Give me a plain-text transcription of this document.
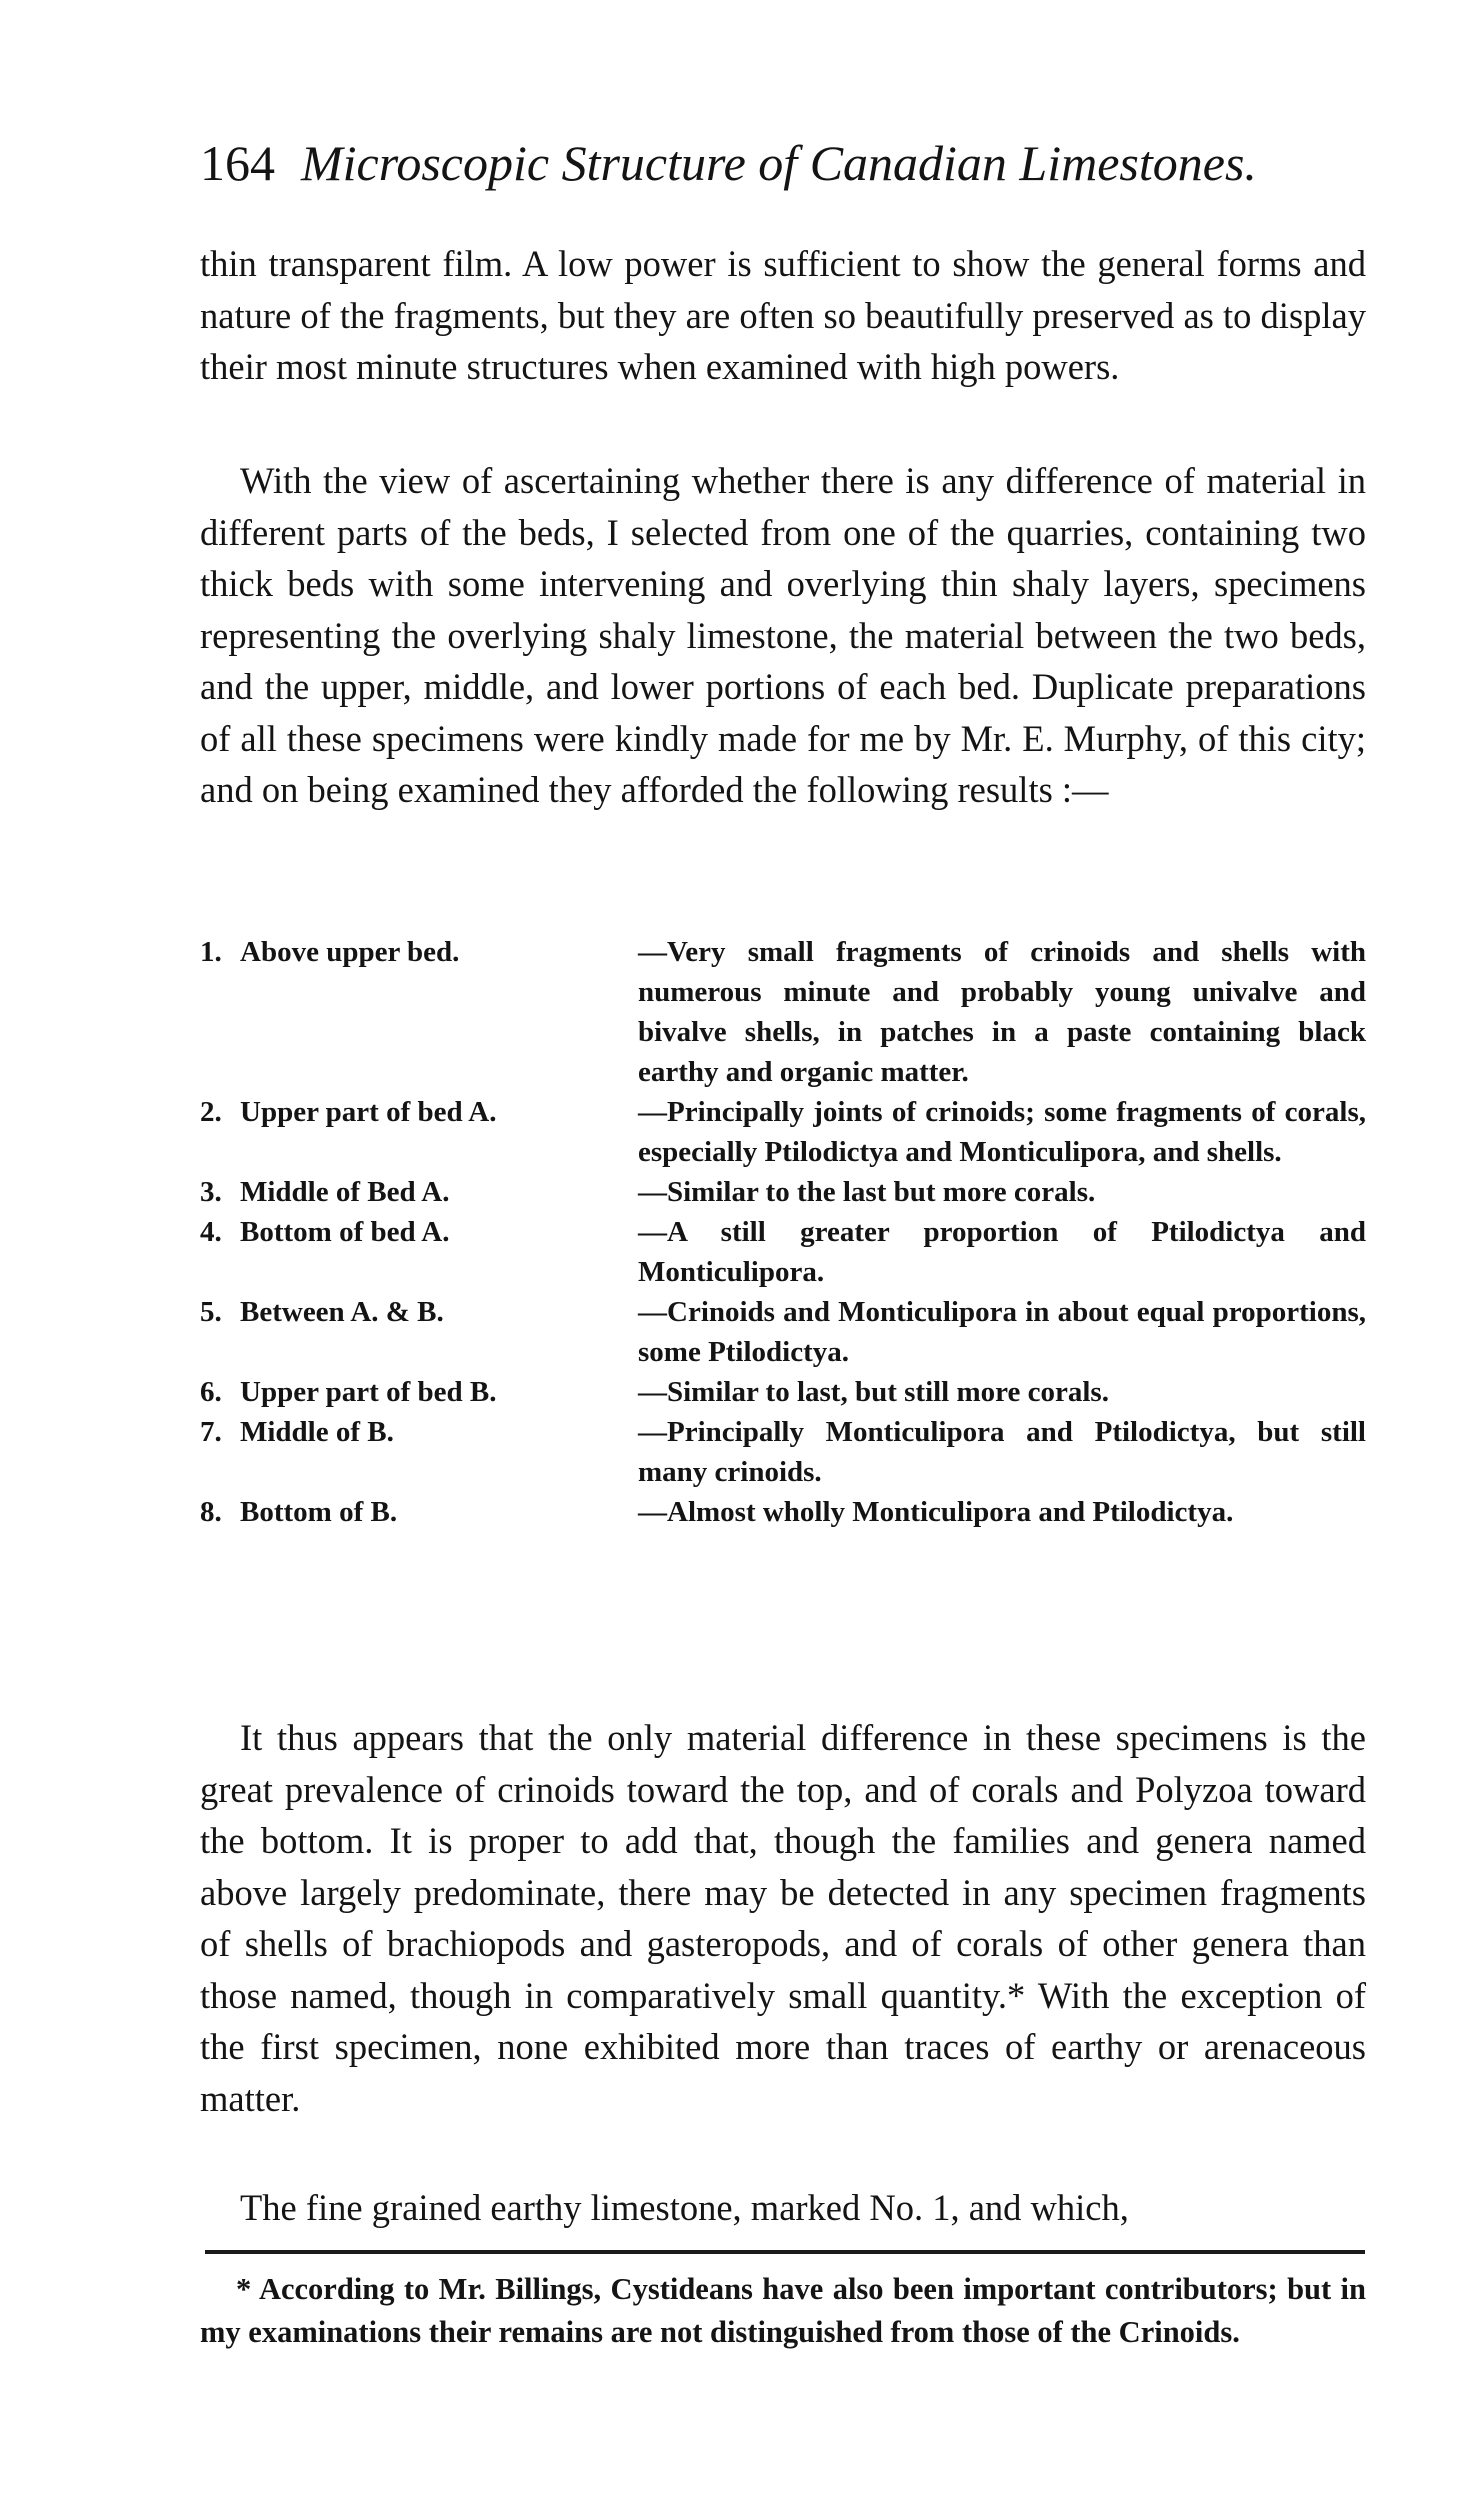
164 Microscopic Structure of Canadian Limestones.
thin transparent film. A low power is sufficient to show the general forms and nature of the fragments, but they are often so beautifully preserved as to display their most minute structures when examined with high powers.
With the view of ascertaining whether there is any difference of material in different parts of the beds, I selected from one of the quarries, containing two thick beds with some intervening and overlying thin shaly layers, specimens representing the overlying shaly limestone, the material between the two beds, and the upper, middle, and lower portions of each bed. Duplicate preparations of all these specimens were kindly made for me by Mr. E. Murphy, of this city; and on being examined they afforded the following results :—
1. Above upper bed.	—Very small fragments of crinoids and shells with numerous minute and probably young univalve and bivalve shells, in patches in a paste containing black earthy and organic matter.
2. Upper part of bed A.	—Principally joints of crinoids; some fragments of corals, especially Ptilodictya and Monticulipora, and shells.
3. Middle of Bed A.	—Similar to the last but more corals.
4. Bottom of bed A.	—A still greater proportion of Ptilodictya and Monticulipora.
5. Between A. & B.	—Crinoids and Monticulipora in about equal proportions, some Ptilodictya.
6. Upper part of bed B.	—Similar to last, but still more corals.
7. Middle of B.	—Principally Monticulipora and Ptilodictya, but still many crinoids.
8. Bottom of B.	—Almost wholly Monticulipora and Ptilodictya.
It thus appears that the only material difference in these specimens is the great prevalence of crinoids toward the top, and of corals and Polyzoa toward the bottom. It is proper to add that, though the families and genera named above largely predominate, there may be detected in any specimen fragments of shells of brachiopods and gasteropods, and of corals of other genera than those named, though in comparatively small quantity.* With the exception of the first specimen, none exhibited more than traces of earthy or arenaceous matter.
The fine grained earthy limestone, marked No. 1, and which,
* According to Mr. Billings, Cystideans have also been important contributors; but in my examinations their remains are not distinguished from those of the Crinoids.
